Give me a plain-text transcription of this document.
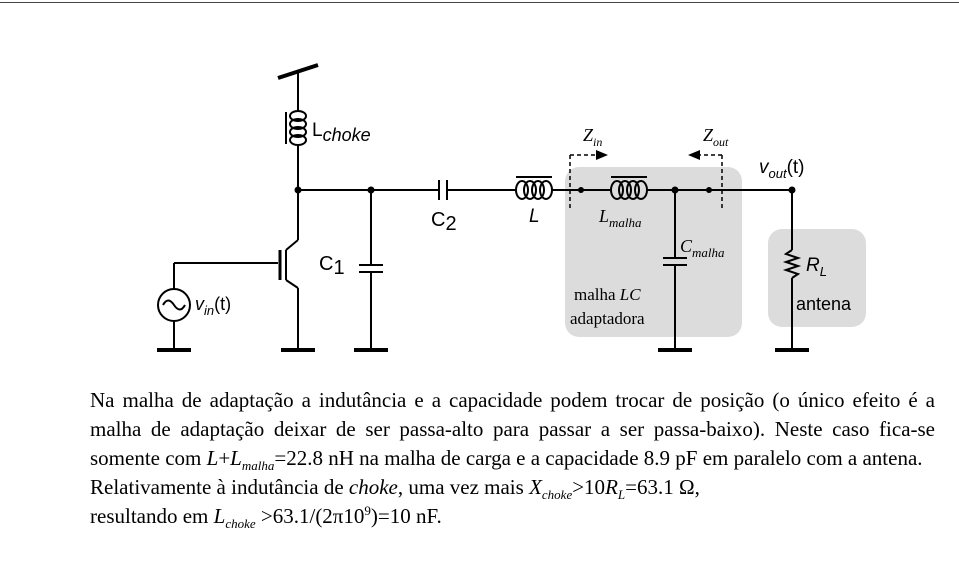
Lchoke
C2
C1
L	$L_{malha}$
$C_{malha}$
$Z_{in}$	$Z_{out}$
$v_{out}(t)$
$v_{in}(t)$
$R_L$
antena
malha LC
adaptadora

Na malha de adaptação a indutância e a capacidade podem trocar de posição (o único efeito é a malha de adaptação deixar de ser passa-alto para passar a ser passa-baixo). Neste caso fica-se somente com $L+L_{malha}=22.8$ nH na malha de carga e a capacidade 8.9 pF em paralelo com a antena.

Relativamente à indutância de choke, uma vez mais $X_{choke}>10R_L=63.1$ Ω,

resultando em $L_{choke} >63.1/(2\pi 10^9)=10$ nF.
